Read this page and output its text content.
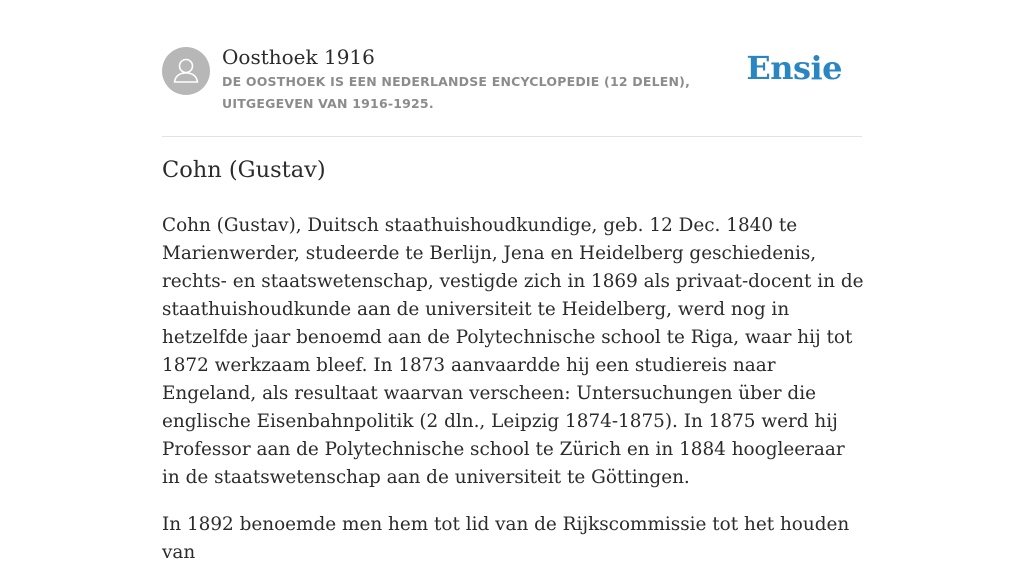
Oosthoek 1916
DE OOSTHOEK IS EEN NEDERLANDSE ENCYCLOPEDIE (12 DELEN), UITGEGEVEN VAN 1916-1925.
Ensie
Cohn (Gustav)

Cohn (Gustav), Duitsch staathuishoudkundige, geb. 12 Dec. 1840 te Marienwerder, studeerde te Berlijn, Jena en Heidelberg geschiedenis, rechts- en staatswetenschap, vestigde zich in 1869 als privaat-docent in de staathuishoudkunde aan de universiteit te Heidelberg, werd nog in hetzelfde jaar benoemd aan de Polytechnische school te Riga, waar hij tot 1872 werkzaam bleef. In 1873 aanvaardde hij een studiereis naar Engeland, als resultaat waarvan verscheen: Untersuchungen über die englische Eisenbahnpolitik (2 dln., Leipzig 1874-1875). In 1875 werd hij Professor aan de Polytechnische school te Zürich en in 1884 hoogleeraar in de staatswetenschap aan de universiteit te Göttingen.

In 1892 benoemde men hem tot lid van de Rijkscommissie tot het houden van
